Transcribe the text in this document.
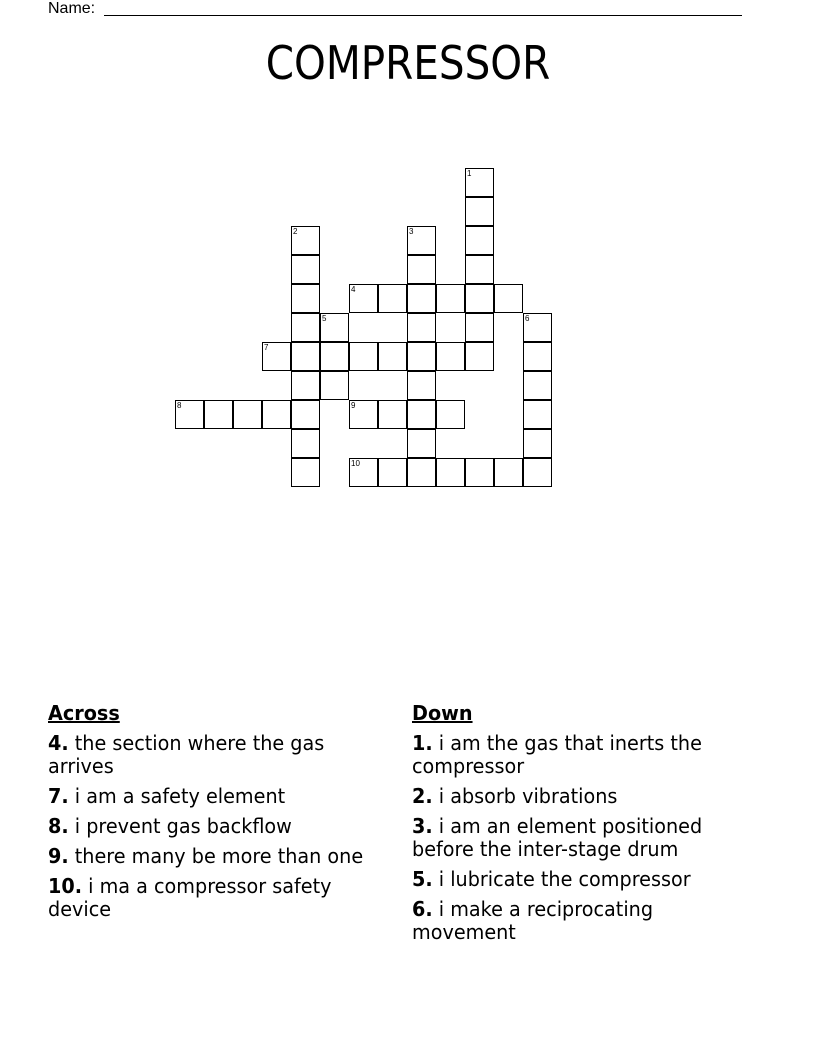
Name:
COMPRESSOR
1
2	3
4
5	6
7
8	9
10
Across
4. the section where the gas arrives
7. i am a safety element
8. i prevent gas backflow
9. there many be more than one
10. i ma a compressor safety device
Down
1. i am the gas that inerts the compressor
2. i absorb vibrations
3. i am an element positioned before the inter-stage drum
5. i lubricate the compressor
6. i make a reciprocating movement
